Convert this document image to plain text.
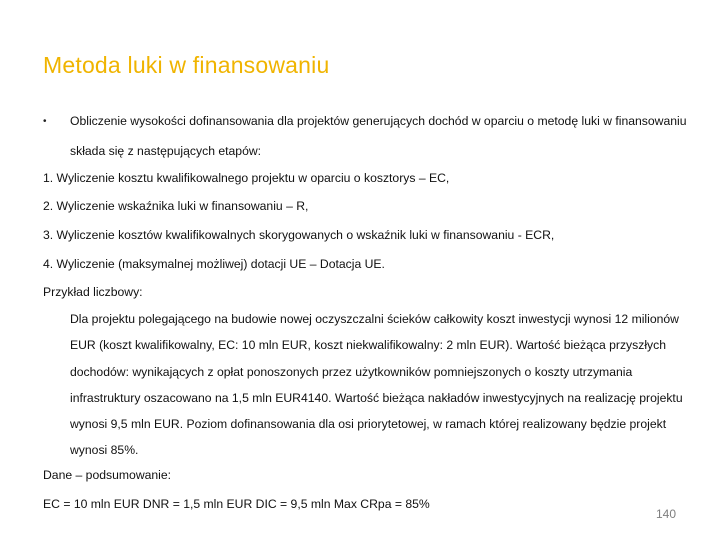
Metoda luki w finansowaniu
• Obliczenie wysokości dofinansowania dla projektów generujących dochód w oparciu o metodę luki w finansowaniu składa się z następujących etapów:
1. Wyliczenie kosztu kwalifikowalnego projektu w oparciu o kosztorys – EC,
2. Wyliczenie wskaźnika luki w finansowaniu – R,
3. Wyliczenie kosztów kwalifikowalnych skorygowanych o wskaźnik luki w finansowaniu - ECR,
4. Wyliczenie (maksymalnej możliwej) dotacji UE – Dotacja UE.
Przykład liczbowy:
Dla projektu polegającego na budowie nowej oczyszczalni ścieków całkowity koszt inwestycji wynosi 12 milionów EUR (koszt kwalifikowalny, EC: 10 mln EUR, koszt niekwalifikowalny: 2 mln EUR). Wartość bieżąca przyszłych dochodów: wynikających z opłat ponoszonych przez użytkowników pomniejszonych o koszty utrzymania infrastruktury oszacowano na 1,5 mln EUR4140. Wartość bieżąca nakładów inwestycyjnych na realizację projektu wynosi 9,5 mln EUR. Poziom dofinansowania dla osi priorytetowej, w ramach której realizowany będzie projekt wynosi 85%.
Dane – podsumowanie:
EC = 10 mln EUR DNR = 1,5 mln EUR DIC = 9,5 mln Max CRpa = 85%
140
